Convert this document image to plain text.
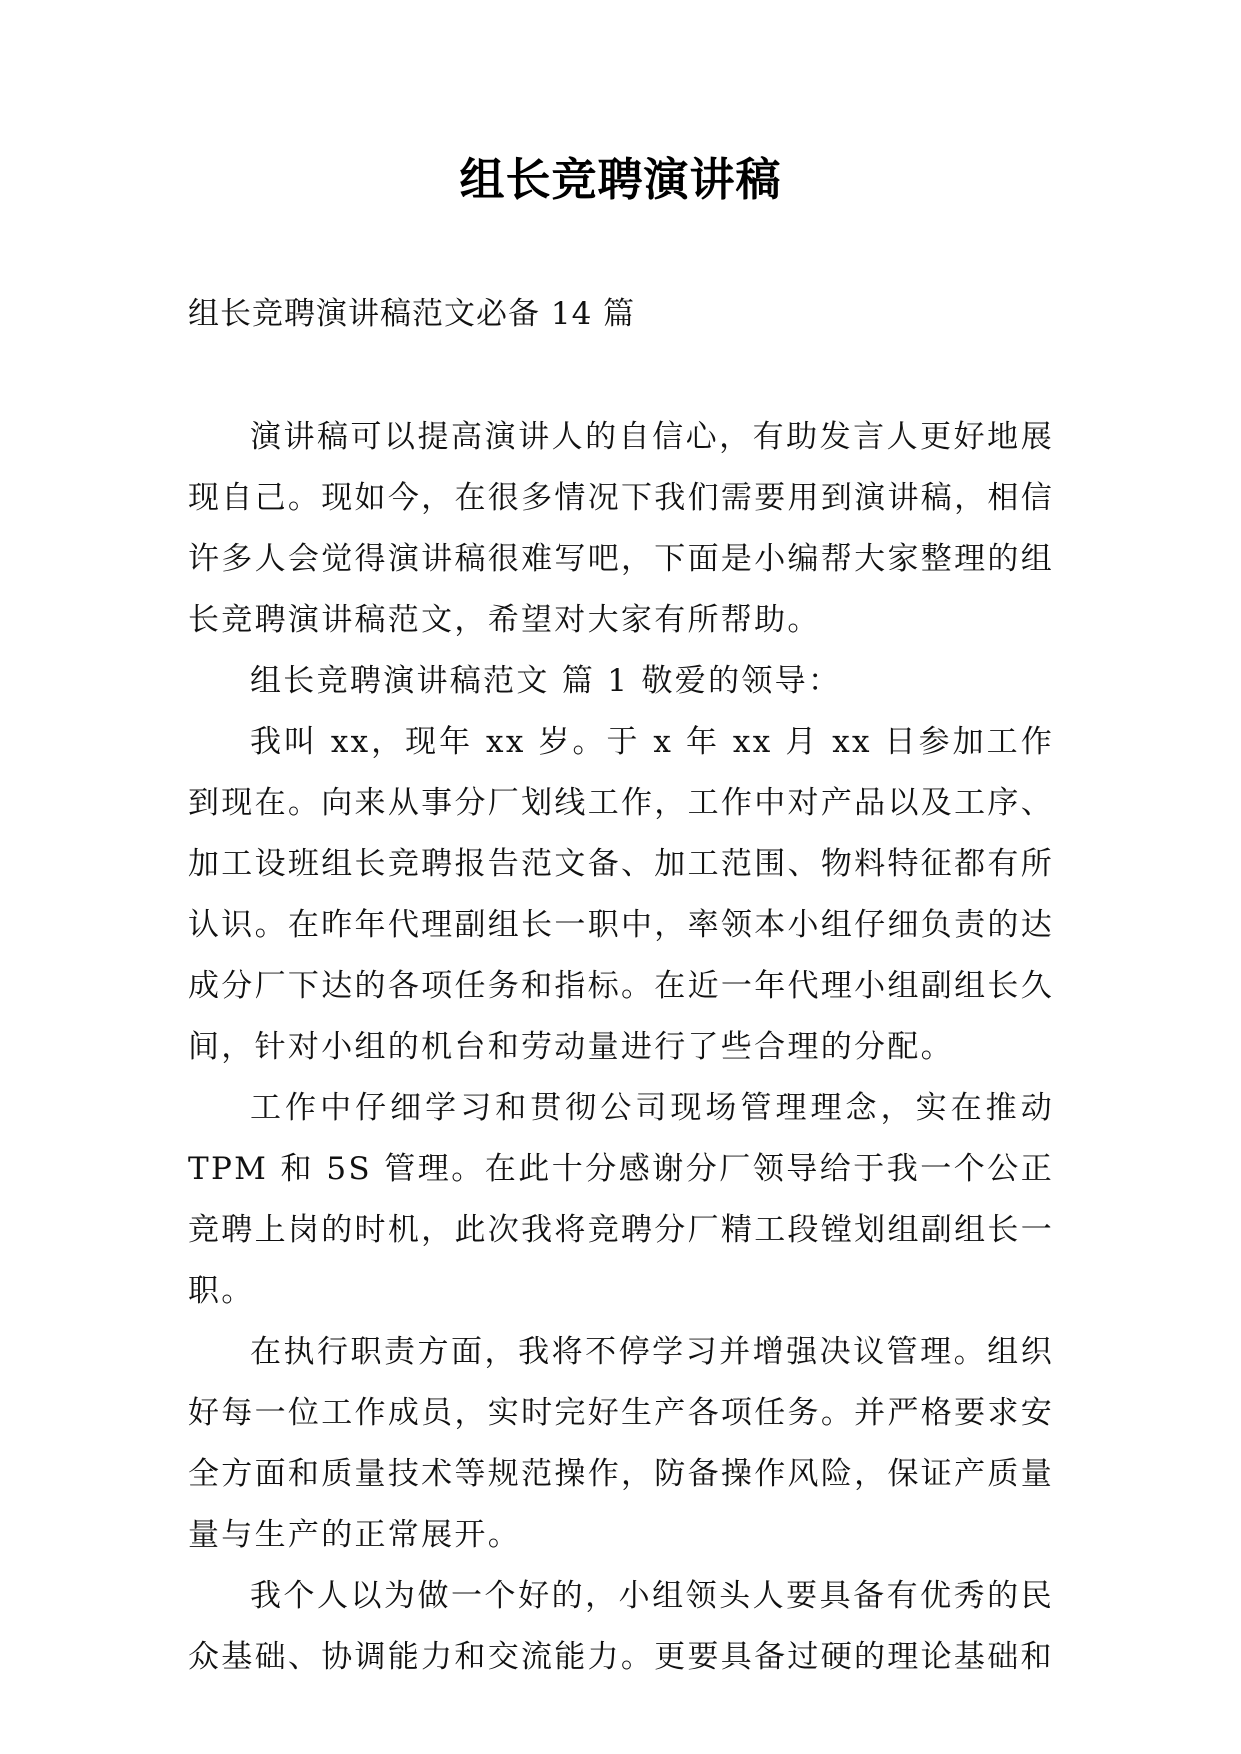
组长竞聘演讲稿

组长竞聘演讲稿范文必备 14 篇

演讲稿可以提高演讲人的自信心，有助发言人更好地展现自己。现如今，在很多情况下我们需要用到演讲稿，相信许多人会觉得演讲稿很难写吧，下面是小编帮大家整理的组长竞聘演讲稿范文，希望对大家有所帮助。

组长竞聘演讲稿范文 篇 1 敬爱的领导：

我叫 xx，现年 xx 岁。于 x 年 xx 月 xx 日参加工作到现在。向来从事分厂划线工作，工作中对产品以及工序、加工设班组长竞聘报告范文备、加工范围、物料特征都有所认识。在昨年代理副组长一职中，率领本小组仔细负责的达成分厂下达的各项任务和指标。在近一年代理小组副组长久间，针对小组的机台和劳动量进行了些合理的分配。

工作中仔细学习和贯彻公司现场管理理念，实在推动TPM 和 5S 管理。在此十分感谢分厂领导给于我一个公正竞聘上岗的时机，此次我将竞聘分厂精工段镗划组副组长一职。

在执行职责方面，我将不停学习并增强决议管理。组织好每一位工作成员，实时完好生产各项任务。并严格要求安全方面和质量技术等规范操作，防备操作风险，保证产质量量与生产的正常展开。

我个人以为做一个好的，小组领头人要具备有优秀的民众基础、协调能力和交流能力。更要具备过硬的理论基础和
